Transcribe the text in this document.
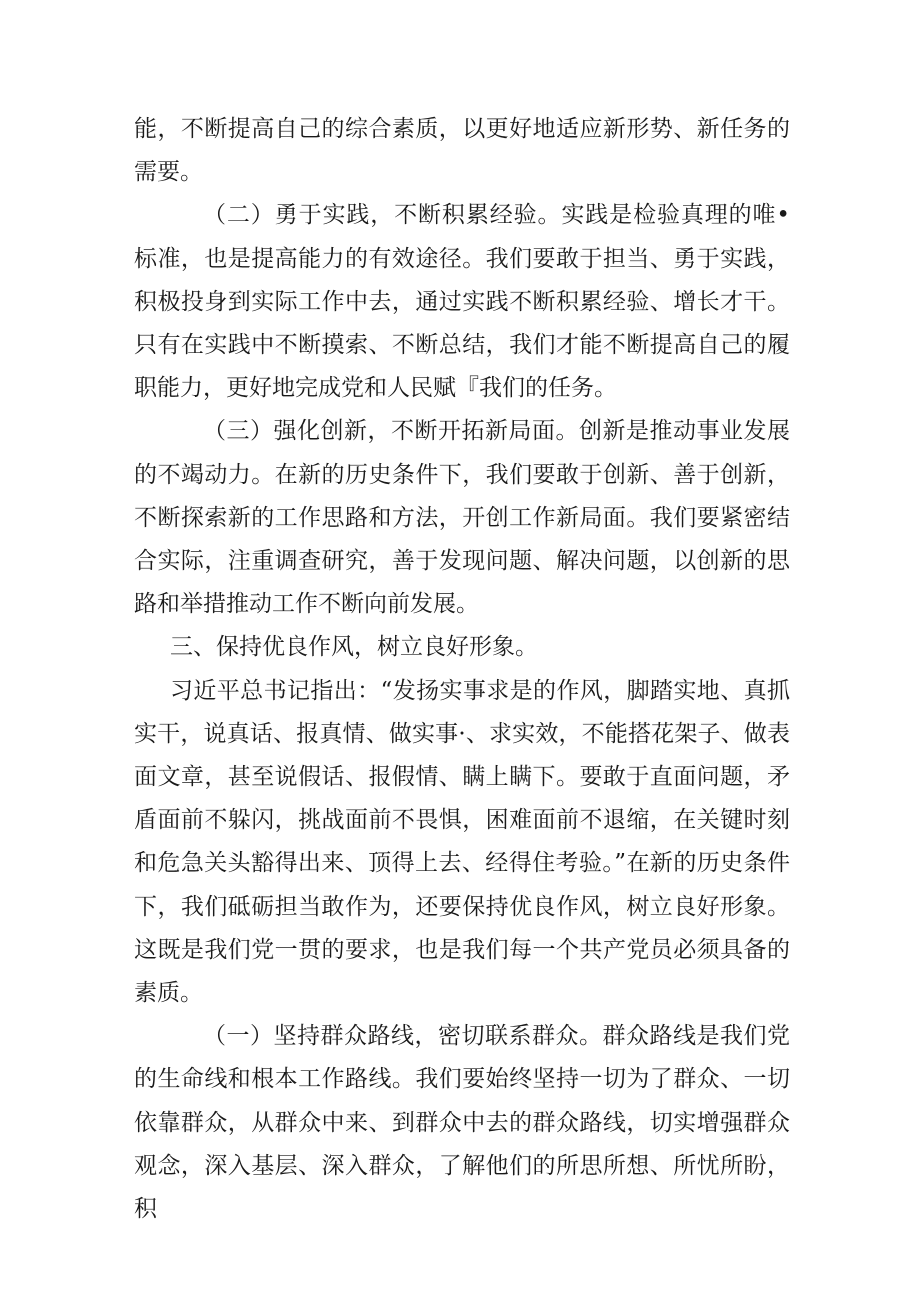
能，不断提高自己的综合素质，以更好地适应新形势、新任务的需要。

（二）勇于实践，不断积累经验。实践是检验真理的唯•标准，也是提高能力的有效途径。我们要敢于担当、勇于实践，积极投身到实际工作中去，通过实践不断积累经验、增长才干。只有在实践中不断摸索、不断总结，我们才能不断提高自己的履职能力，更好地完成党和人民赋『我们的任务。

（三）强化创新，不断开拓新局面。创新是推动事业发展的不竭动力。在新的历史条件下，我们要敢于创新、善于创新，不断探索新的工作思路和方法，开创工作新局面。我们要紧密结合实际，注重调查研究，善于发现问题、解决问题，以创新的思路和举措推动工作不断向前发展。

三、保持优良作风，树立良好形象。

习近平总书记指出：“发扬实事求是的作风，脚踏实地、真抓实干，说真话、报真情、做实事·、求实效，不能搭花架子、做表面文章，甚至说假话、报假情、瞒上瞒下。要敢于直面问题，矛盾面前不躲闪，挑战面前不畏惧，困难面前不退缩，在关键时刻和危急关头豁得出来、顶得上去、经得住考验。”在新的历史条件下，我们砥砺担当敢作为，还要保持优良作风，树立良好形象。这既是我们党一贯的要求，也是我们每一个共产党员必须具备的素质。

（一）坚持群众路线，密切联系群众。群众路线是我们党的生命线和根本工作路线。我们要始终坚持一切为了群众、一切依靠群众，从群众中来、到群众中去的群众路线，切实增强群众观念，深入基层、深入群众，了解他们的所思所想、所忧所盼，积
